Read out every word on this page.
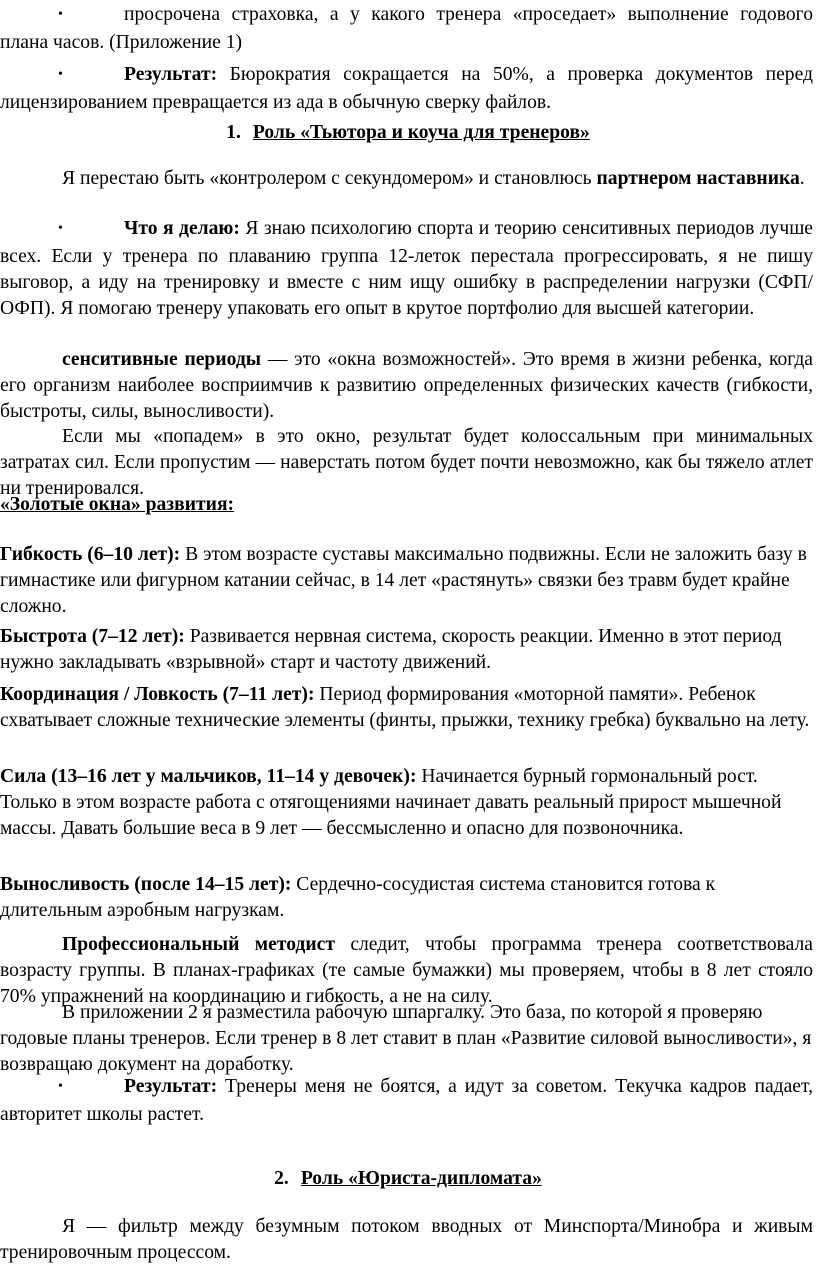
•просрочена страховка, а у какого тренера «проседает» выполнение годового плана часов. (Приложение 1)

•Результат: Бюрократия сокращается на 50%, а проверка документов перед лицензированием превращается из ада в обычную сверку файлов.

1. Роль «Тьютора и коуча для тренеров»

Я перестаю быть «контролером с секундомером» и становлюсь партнером наставника.

•Что я делаю: Я знаю психологию спорта и теорию сенситивных периодов лучше всех. Если у тренера по плаванию группа 12-леток перестала прогрессировать, я не пишу выговор, а иду на тренировку и вместе с ним ищу ошибку в распределении нагрузки (СФП/ОФП). Я помогаю тренеру упаковать его опыт в крутое портфолио для высшей категории.

сенситивные периоды — это «окна возможностей». Это время в жизни ребенка, когда его организм наиболее восприимчив к развитию определенных физических качеств (гибкости, быстроты, силы, выносливости).

Если мы «попадем» в это окно, результат будет колоссальным при минимальных затратах сил. Если пропустим — наверстать потом будет почти невозможно, как бы тяжело атлет ни тренировался.

«Золотые окна» развития:

Гибкость (6–10 лет): В этом возрасте суставы максимально подвижны. Если не заложить базу в гимнастике или фигурном катании сейчас, в 14 лет «растянуть» связки без травм будет крайне сложно.

Быстрота (7–12 лет): Развивается нервная система, скорость реакции. Именно в этот период нужно закладывать «взрывной» старт и частоту движений.

Координация / Ловкость (7–11 лет): Период формирования «моторной памяти». Ребенок схватывает сложные технические элементы (финты, прыжки, технику гребка) буквально на лету.

Сила (13–16 лет у мальчиков, 11–14 у девочек): Начинается бурный гормональный рост. Только в этом возрасте работа с отягощениями начинает давать реальный прирост мышечной массы. Давать большие веса в 9 лет — бессмысленно и опасно для позвоночника.

Выносливость (после 14–15 лет): Сердечно-сосудистая система становится готова к длительным аэробным нагрузкам.

Профессиональный методист следит, чтобы программа тренера соответствовала возрасту группы. В планах-графиках (те самые бумажки) мы проверяем, чтобы в 8 лет стояло 70% упражнений на координацию и гибкость, а не на силу.

В приложении 2 я разместила рабочую шпаргалку. Это база, по которой я проверяю годовые планы тренеров. Если тренер в 8 лет ставит в план «Развитие силовой выносливости», я возвращаю документ на доработку.

•Результат: Тренеры меня не боятся, а идут за советом. Текучка кадров падает, авторитет школы растет.

2. Роль «Юриста-дипломата»

Я — фильтр между безумным потоком вводных от Минспорта/Минобра и живым тренировочным процессом.
